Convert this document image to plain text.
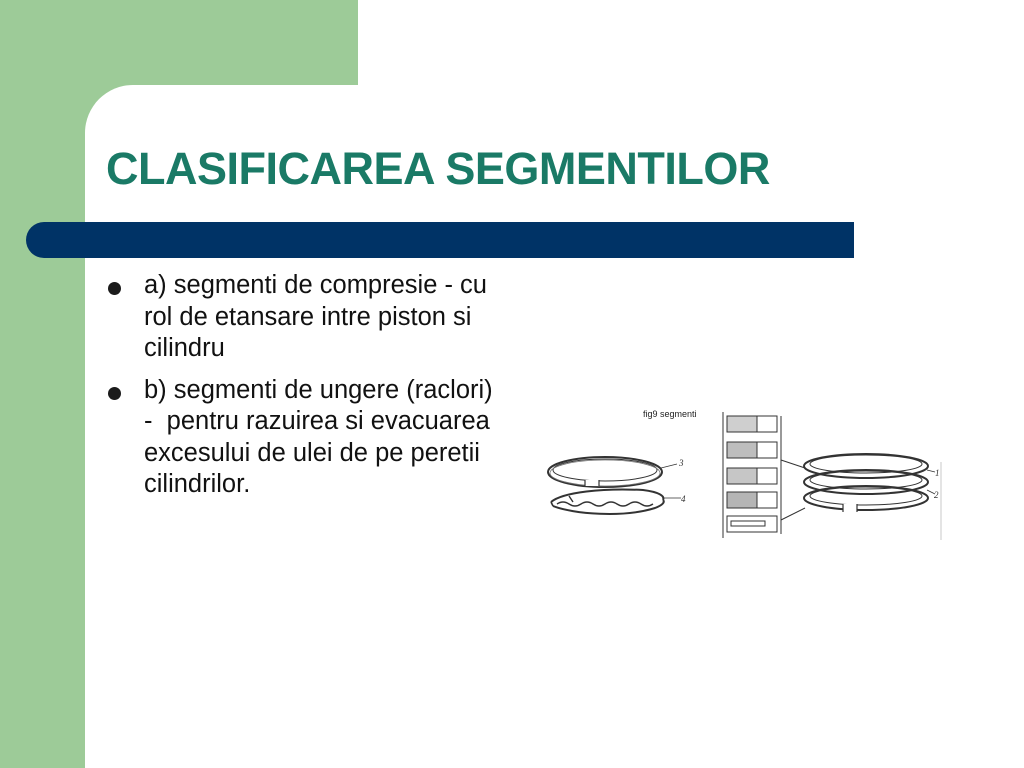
CLASIFICAREA SEGMENTILOR
a) segmenti de compresie - cu rol de etansare intre piston si cilindru
b) segmenti de ungere (raclori) -  pentru razuirea si evacuarea excesului de ulei de pe peretii cilindrilor.
fig9 segmenti
3
4
1
2
